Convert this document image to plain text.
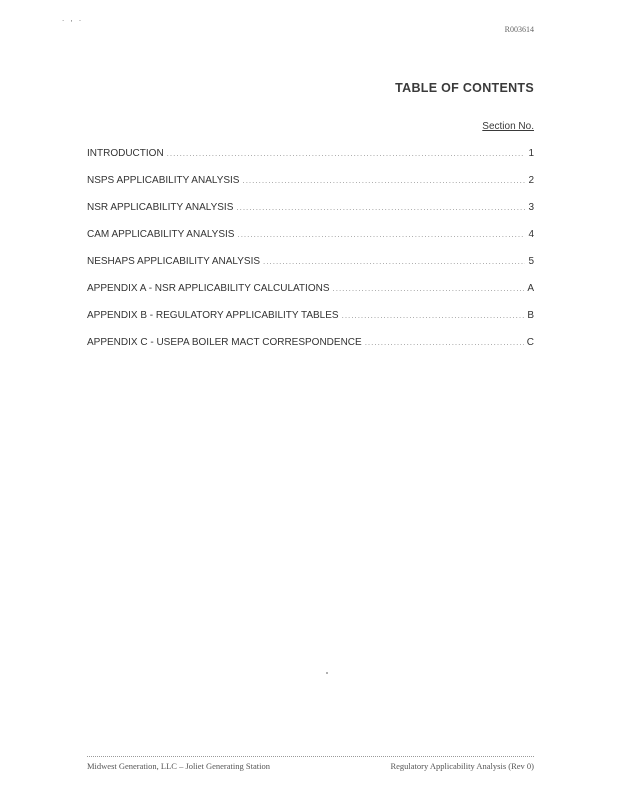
. , .
R003614
TABLE OF CONTENTS
Section No.
INTRODUCTION .....	1
NSPS APPLICABILITY ANALYSIS .....	2
NSR APPLICABILITY ANALYSIS .....	3
CAM APPLICABILITY ANALYSIS .....	4
NESHAPS APPLICABILITY ANALYSIS .....	5
APPENDIX A - NSR APPLICABILITY CALCULATIONS .....	A
APPENDIX B - REGULATORY APPLICABILITY TABLES .....	B
APPENDIX C - USEPA BOILER MACT CORRESPONDENCE .....	C
Midwest Generation, LLC – Joliet Generating Station	Regulatory Applicability Analysis (Rev 0)
